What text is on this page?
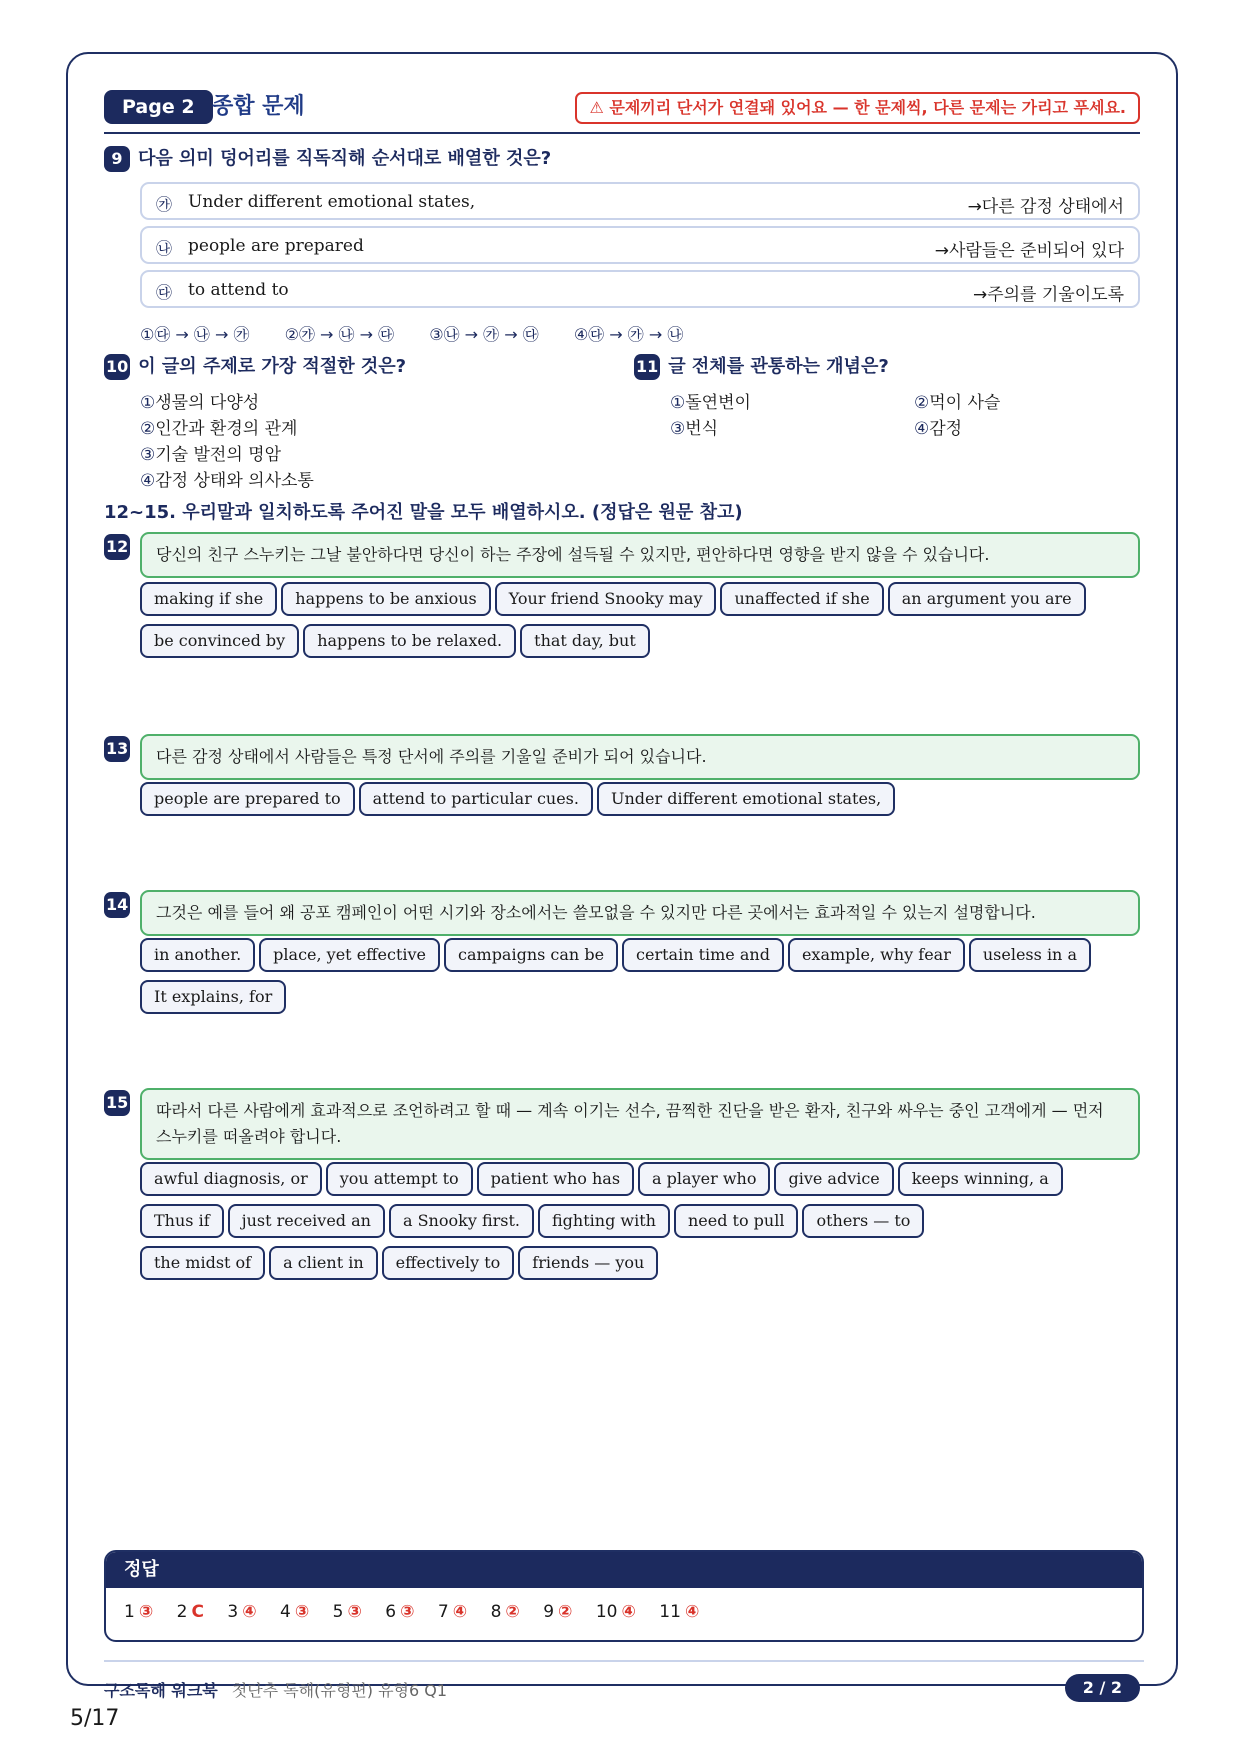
Page 2 종합 문제	⚠ 문제끼리 단서가 연결돼 있어요 — 한 문제씩, 다른 문제는 가리고 푸세요.
9 다음 의미 덩어리를 직독직해 순서대로 배열한 것은?
㉮ Under different emotional states,	→다른 감정 상태에서
㉯ people are prepared	→사람들은 준비되어 있다
㉰ to attend to	→주의를 기울이도록
①㉰ → ㉯ → ㉮ ②㉮ → ㉯ → ㉰ ③㉯ → ㉮ → ㉰ ④㉰ → ㉮ → ㉯
10 이 글의 주제로 가장 적절한 것은?
①생물의 다양성
②인간과 환경의 관계
③기술 발전의 명암
④감정 상태와 의사소통
11 글 전체를 관통하는 개념은?
①돌연변이	②먹이 사슬
③번식	④감정
12~15. 우리말과 일치하도록 주어진 말을 모두 배열하시오. (정답은 원문 참고)
12	당신의 친구 스누키는 그날 불안하다면 당신이 하는 주장에 설득될 수 있지만, 편안하다면 영향을 받지 않을 수 있습니다.
making if she happens to be anxious Your friend Snooky may unaffected if she an argument you are
be convinced by happens to be relaxed. that day, but
13	다른 감정 상태에서 사람들은 특정 단서에 주의를 기울일 준비가 되어 있습니다.
people are prepared to attend to particular cues. Under different emotional states,
14	그것은 예를 들어 왜 공포 캠페인이 어떤 시기와 장소에서는 쓸모없을 수 있지만 다른 곳에서는 효과적일 수 있는지 설명합니다.
in another. place, yet effective campaigns can be certain time and example, why fear useless in a
It explains, for
15	따라서 다른 사람에게 효과적으로 조언하려고 할 때 — 계속 이기는 선수, 끔찍한 진단을 받은 환자, 친구와 싸우는 중인 고객에게 — 먼저 스누키를 떠올려야 합니다.
awful diagnosis, or you attempt to patient who has a player who give advice keeps winning, a
Thus if just received an a Snooky first. fighting with need to pull others — to
the midst of a client in effectively to friends — you
정답
1 ③ 2 C 3 ④ 4 ③ 5 ③ 6 ③ 7 ④ 8 ② 9 ② 10 ④ 11 ④
구조독해 워크북 첫단추 독해(유형편) 유형6 Q1	2 / 2
5/17
